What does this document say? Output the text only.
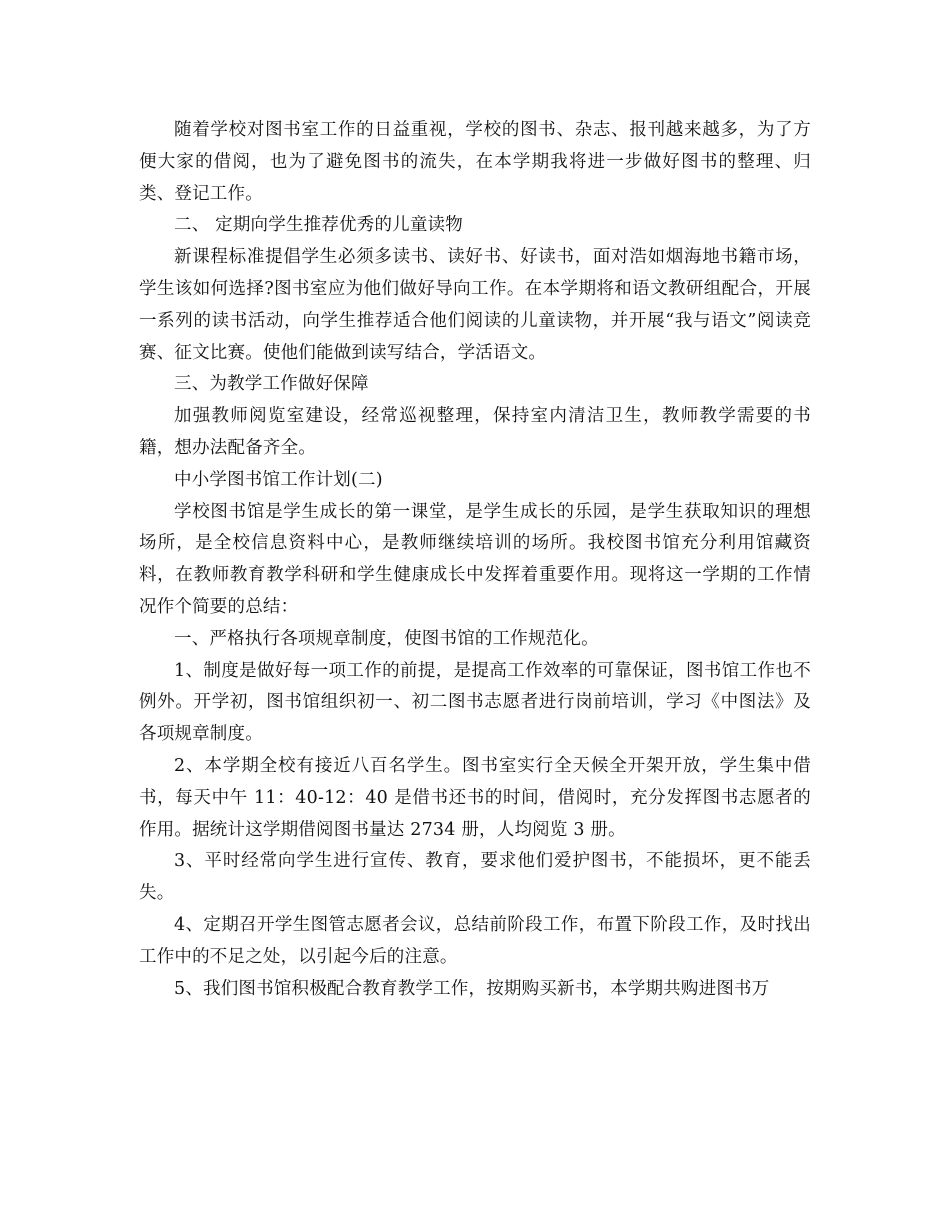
随着学校对图书室工作的日益重视，学校的图书、杂志、报刊越来越多，为了方便大家的借阅，也为了避免图书的流失，在本学期我将进一步做好图书的整理、归类、登记工作。

二、 定期向学生推荐优秀的儿童读物

新课程标准提倡学生必须多读书、读好书、好读书，面对浩如烟海地书籍市场，学生该如何选择?图书室应为他们做好导向工作。在本学期将和语文教研组配合，开展一系列的读书活动，向学生推荐适合他们阅读的儿童读物，并开展“我与语文”阅读竞赛、征文比赛。使他们能做到读写结合，学活语文。

三、为教学工作做好保障

加强教师阅览室建设，经常巡视整理，保持室内清洁卫生，教师教学需要的书籍，想办法配备齐全。

中小学图书馆工作计划(二)

学校图书馆是学生成长的第一课堂，是学生成长的乐园，是学生获取知识的理想场所，是全校信息资料中心，是教师继续培训的场所。我校图书馆充分利用馆藏资料，在教师教育教学科研和学生健康成长中发挥着重要作用。现将这一学期的工作情况作个简要的总结：

一、严格执行各项规章制度，使图书馆的工作规范化。

1、制度是做好每一项工作的前提，是提高工作效率的可靠保证，图书馆工作也不例外。开学初，图书馆组织初一、初二图书志愿者进行岗前培训，学习《中图法》及各项规章制度。

2、本学期全校有接近八百名学生。图书室实行全天候全开架开放，学生集中借书，每天中午 11：40-12：40 是借书还书的时间，借阅时，充分发挥图书志愿者的作用。据统计这学期借阅图书量达 2734 册，人均阅览 3 册。

3、平时经常向学生进行宣传、教育，要求他们爱护图书，不能损坏，更不能丢失。

4、定期召开学生图管志愿者会议，总结前阶段工作，布置下阶段工作，及时找出工作中的不足之处，以引起今后的注意。

5、我们图书馆积极配合教育教学工作，按期购买新书，本学期共购进图书万
